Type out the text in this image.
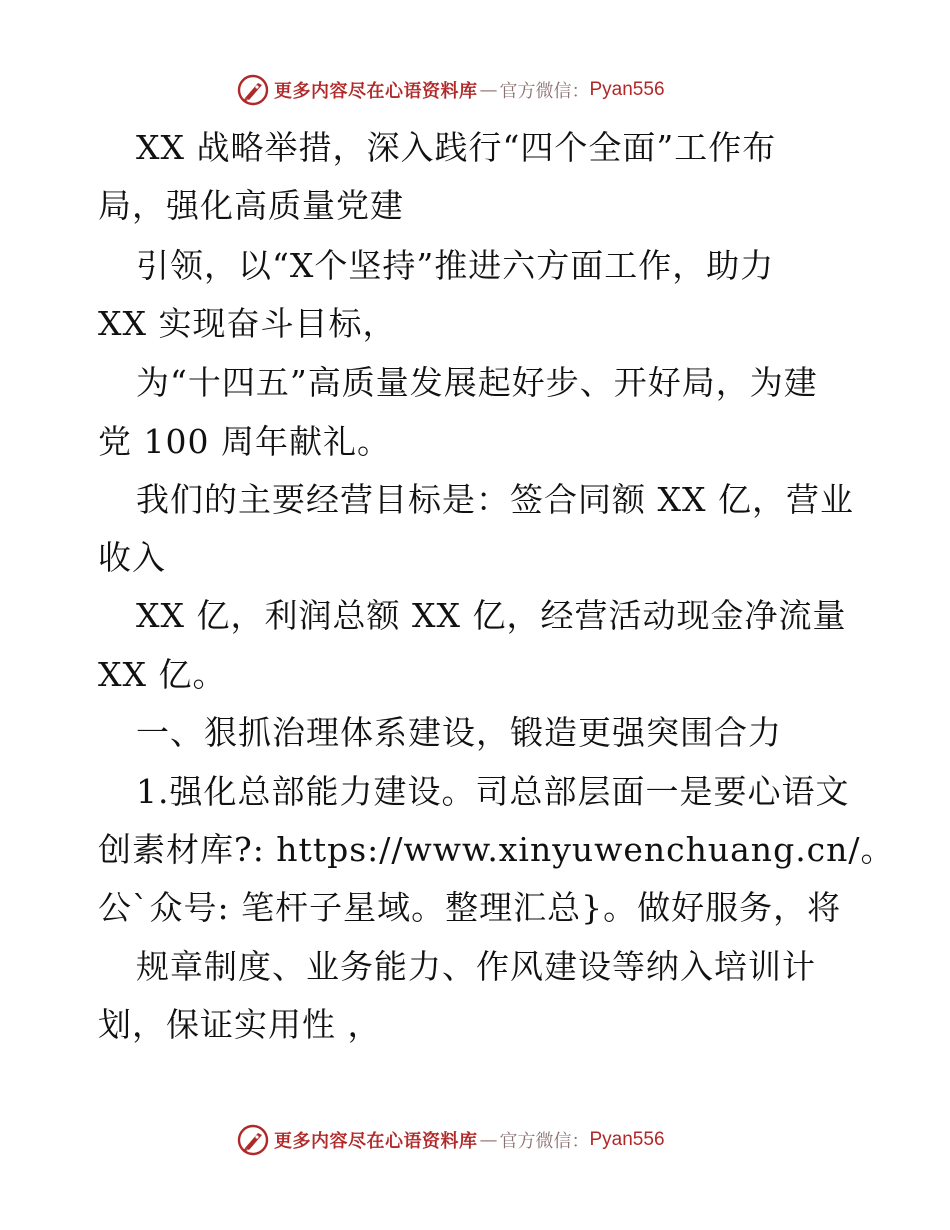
更多内容尽在心语资料库 — 官方微信： Pyan556
XX 战略举措，深入践行“四个全面”工作布
局，强化高质量党建
引领，以“X个坚持”推进六方面工作，助力
XX 实现奋斗目标，
为“十四五”高质量发展起好步、开好局，为建
党 100 周年献礼。
我们的主要经营目标是：签合同额 XX 亿，营业
收入
XX 亿，利润总额 XX 亿，经营活动现金净流量
XX 亿。
一、狠抓治理体系建设，锻造更强突围合力
1.强化总部能力建设。司总部层面一是要心语文
创素材库?: https://www.xinyuwenchuang.cn/。
公`众号: 笔杆子星域。整理汇总}。做好服务，将
规章制度、业务能力、作风建设等纳入培训计
划，保证实用性 ，
更多内容尽在心语资料库 — 官方微信： Pyan556
